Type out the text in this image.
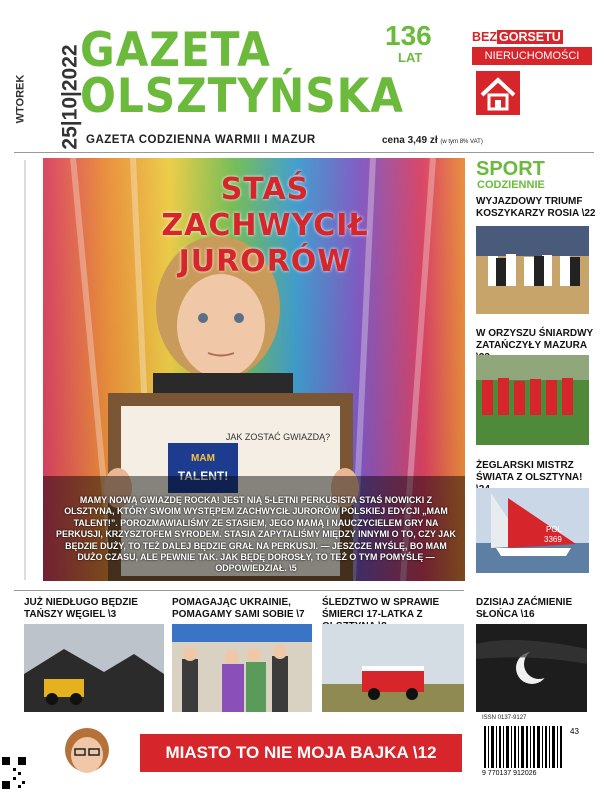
WTOREK 25|10|2022
GAZETA
OLSZTYŃSKA
136
LAT
GAZETA CODZIENNA WARMII I MAZUR	cena 3,49 zł (w tym 8% VAT)
BEZ GORSETU
NIERUCHOMOŚCI
JAK ZOSTAĆ GWIAZDĄ?
MAM
TALENT!
STAŚ ZACHWYCIŁ
JURORÓW
MAMY NOWĄ GWIAZDĘ ROCKA! JEST NIĄ 5-LETNI PERKUSISTA STAŚ NOWICKI Z OLSZTYNA, KTÓRY SWOIM WYSTĘPEM ZACHWYCIŁ JURORÓW POLSKIEJ EDYCJI „MAM TALENT!”. POROZMAWIALIŚMY ZE STASIEM, JEGO MAMĄ I NAUCZYCIELEM GRY NA PERKUSJI, KRZYSZTOFEM SYRODEM. STASIA ZAPYTALIŚMY MIĘDZY INNYMI O TO, CZY JAK BĘDZIE DUŻY, TO TEŻ DALEJ BĘDZIE GRAŁ NA PERKUSJI. — JESZCZE MYŚLĘ, BO MAM DUŻO CZASU, ALE PEWNIE TAK. JAK BĘDĘ DOROSŁY, TO TEŻ O TYM POMYŚLĘ — ODPOWIEDZIAŁ. \5
SPORT
CODZIENNIE
WYJAZDOWY TRIUMF KOSZYKARZY ROSIA \22
W ORZYSZU ŚNIARDWY ZATAŃCZYŁY MAZURA
ŻEGLARSKI MISTRZ ŚWIATA Z OLSZTYNA!
POL
3369
JUŻ NIEDŁUGO BĘDZIE TAŃSZY WĘGIEL \3
POMAGAJĄC UKRAINIE, POMAGAMY SAMI SOBIE \7
ŚLEDZTWO W SPRAWIE ŚMIERCI 17-LATKA Z
DZISIAJ ZAĆMIENIE SŁOŃCA \16
MIASTO TO NIE MOJA BAJKA \12
ISSN 0137-9127
43
9 770137 912026
